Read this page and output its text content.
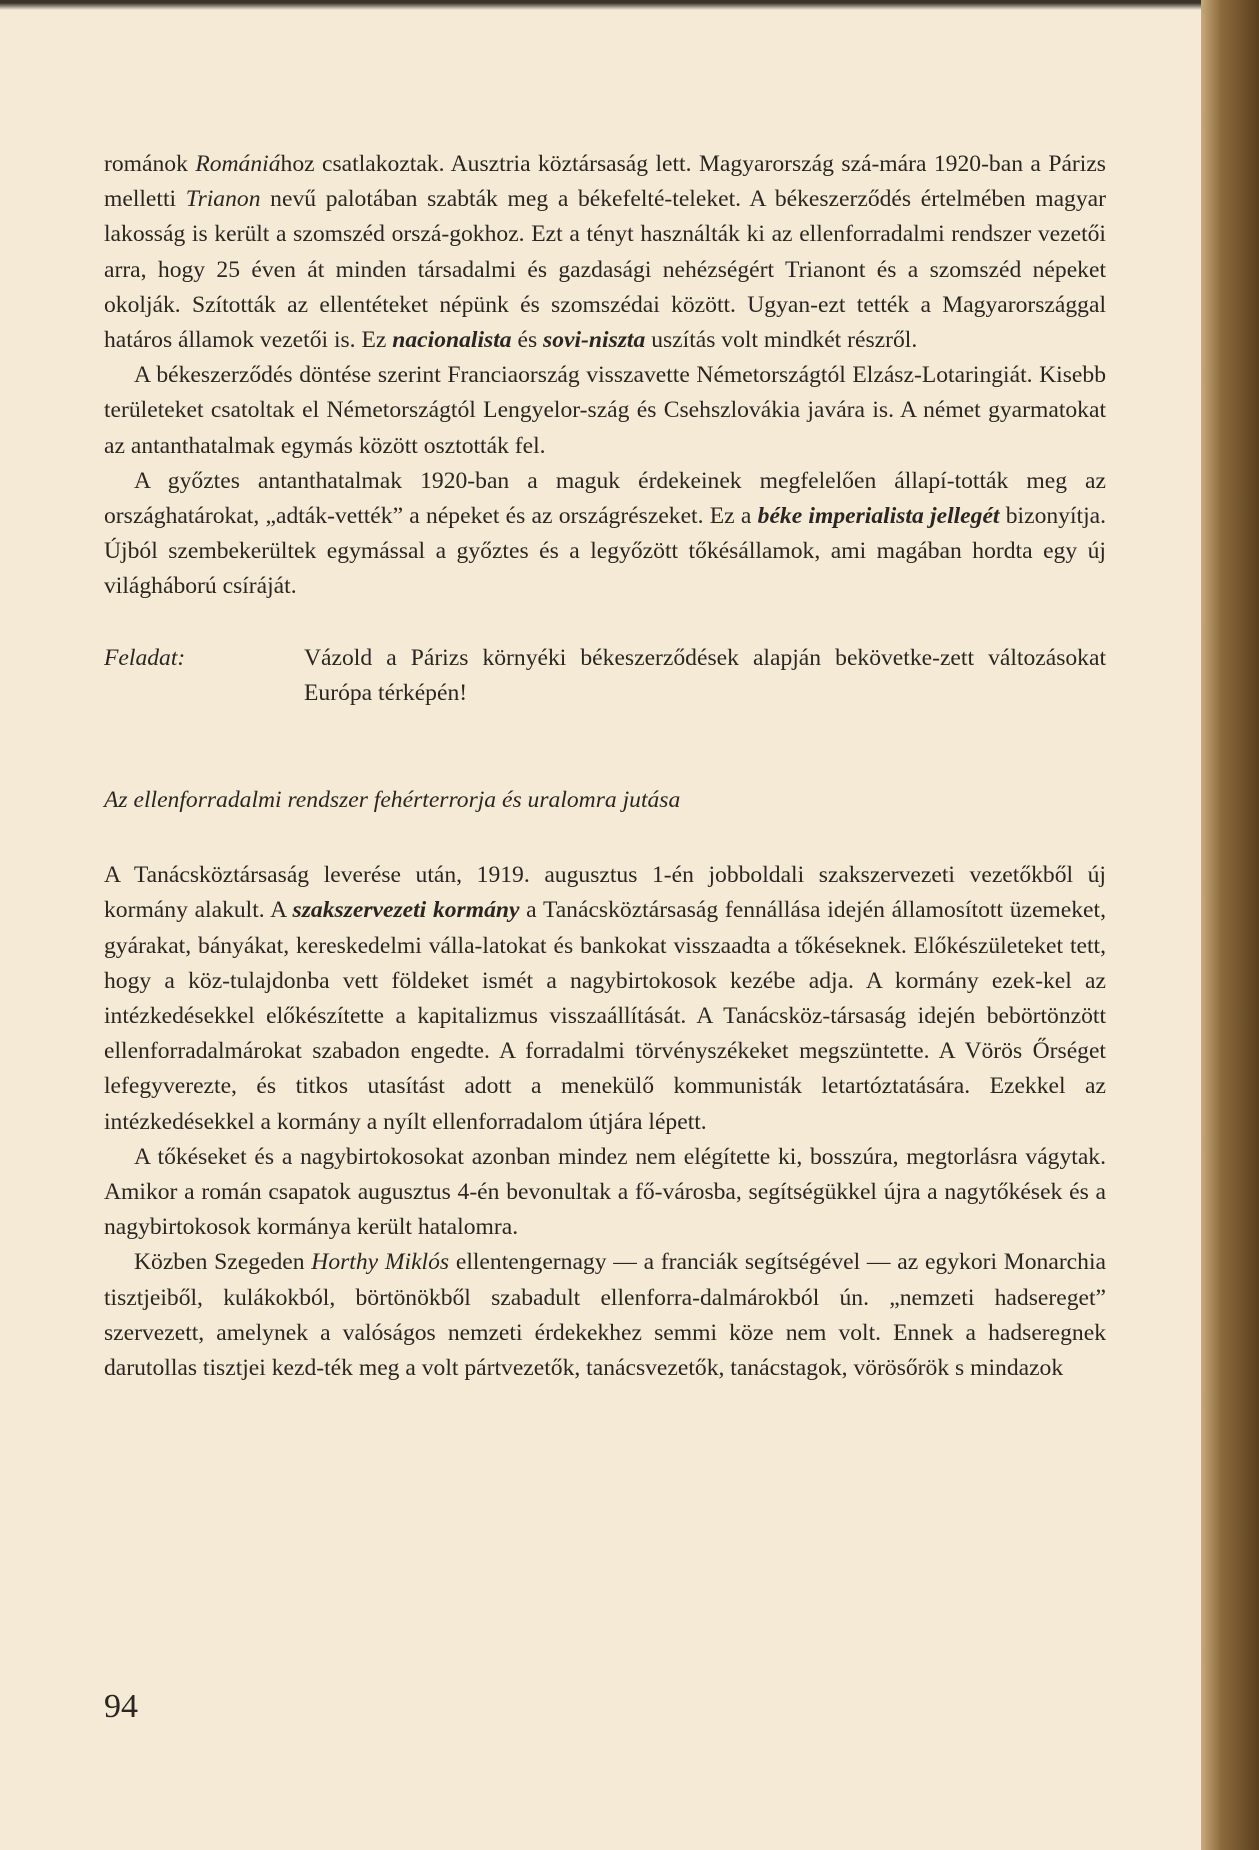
románok Romániához csatlakoztak. Ausztria köztársaság lett. Magyarország szá-mára 1920-ban a Párizs melletti Trianon nevű palotában szabták meg a békefelté-teleket. A békeszerződés értelmében magyar lakosság is került a szomszéd orszá-gokhoz. Ezt a tényt használták ki az ellenforradalmi rendszer vezetői arra, hogy 25 éven át minden társadalmi és gazdasági nehézségért Trianont és a szomszéd népeket okolják. Szították az ellentéteket népünk és szomszédai között. Ugyan-ezt tették a Magyarországgal határos államok vezetői is. Ez nacionalista és sovi-niszta uszítás volt mindkét részről.

A békeszerződés döntése szerint Franciaország visszavette Németországtól Elzász-Lotaringiát. Kisebb területeket csatoltak el Németországtól Lengyelor-szág és Csehszlovákia javára is. A német gyarmatokat az antanthatalmak egymás között osztották fel.

A győztes antanthatalmak 1920-ban a maguk érdekeinek megfelelően állapí-tották meg az országhatárokat, „adták-vették” a népeket és az országrészeket. Ez a béke imperialista jellegét bizonyítja. Újból szembekerültek egymással a győztes és a legyőzött tőkésállamok, ami magában hordta egy új világháború csíráját.

Feladat:	Vázold a Párizs környéki békeszerződések alapján bekövetke-zett változásokat Európa térképén!
Az ellenforradalmi rendszer fehérterrorja és uralomra jutása

A Tanácsköztársaság leverése után, 1919. augusztus 1-én jobboldali szakszervezeti vezetőkből új kormány alakult. A szakszervezeti kormány a Tanácsköztársaság fennállása idején államosított üzemeket, gyárakat, bányákat, kereskedelmi válla-latokat és bankokat visszaadta a tőkéseknek. Előkészületeket tett, hogy a köz-tulajdonba vett földeket ismét a nagybirtokosok kezébe adja. A kormány ezek-kel az intézkedésekkel előkészítette a kapitalizmus visszaállítását. A Tanácsköz-társaság idején bebörtönzött ellenforradalmárokat szabadon engedte. A forradalmi törvényszékeket megszüntette. A Vörös Őrséget lefegyverezte, és titkos utasítást adott a menekülő kommunisták letartóztatására. Ezekkel az intézkedésekkel a kormány a nyílt ellenforradalom útjára lépett.

A tőkéseket és a nagybirtokosokat azonban mindez nem elégítette ki, bosszúra, megtorlásra vágytak. Amikor a román csapatok augusztus 4-én bevonultak a fő-városba, segítségükkel újra a nagytőkések és a nagybirtokosok kormánya került hatalomra.

Közben Szegeden Horthy Miklós ellentengernagy — a franciák segítségével — az egykori Monarchia tisztjeiből, kulákokból, börtönökből szabadult ellenforra-dalmárokból ún. „nemzeti hadsereget” szervezett, amelynek a valóságos nemzeti érdekekhez semmi köze nem volt. Ennek a hadseregnek darutollas tisztjei kezd-ték meg a volt pártvezetők, tanácsvezetők, tanácstagok, vörösőrök s mindazok

94
